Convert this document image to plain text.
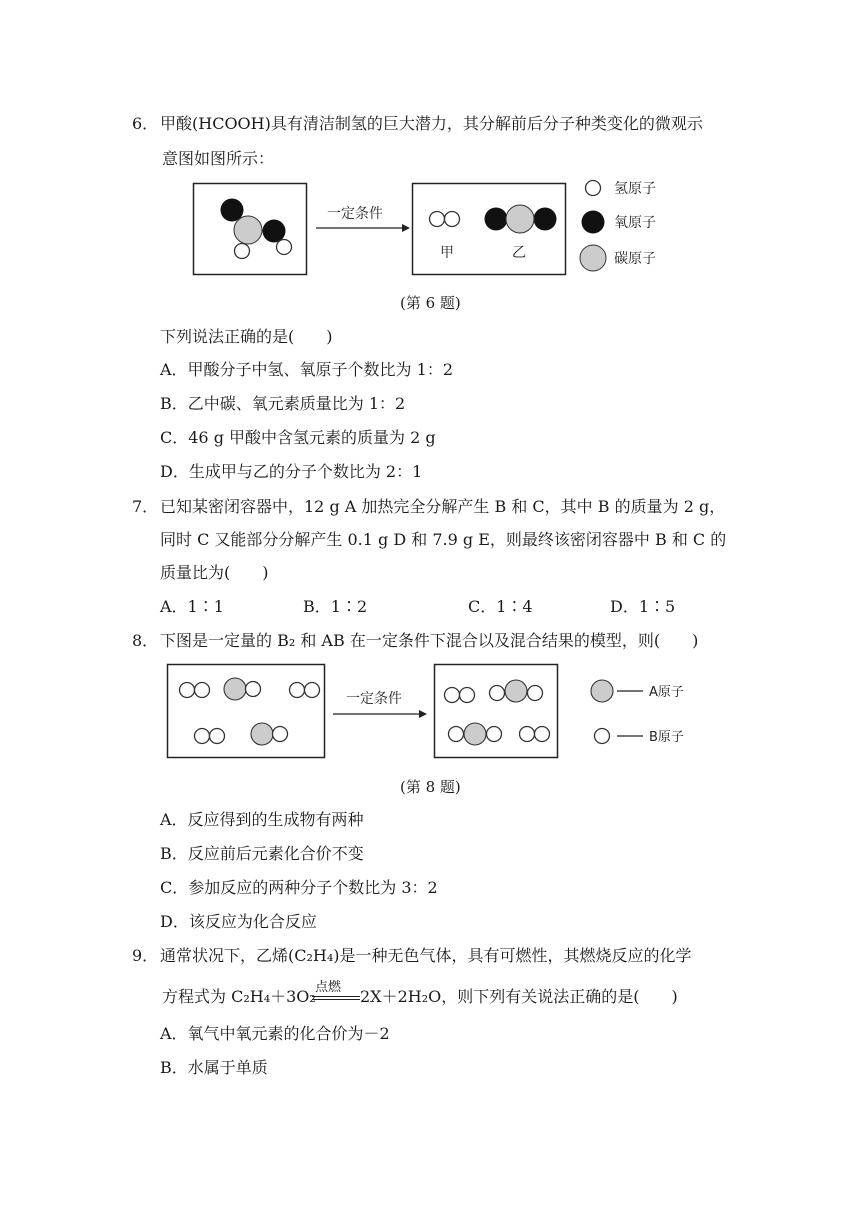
6． 甲酸(HCOOH)具有清洁制氢的巨大潜力，其分解前后分子种类变化的微观示
意图如图所示：
一定条件
甲	乙
氢原子
氧原子
碳原子
(第 6 题)
下列说法正确的是(　　)
A．甲酸分子中氢、氧原子个数比为 1：2
B．乙中碳、氧元素质量比为 1：2
C．46 g 甲酸中含氢元素的质量为 2 g
D．生成甲与乙的分子个数比为 2：1
7． 已知某密闭容器中，12 g A 加热完全分解产生 B 和 C，其中 B 的质量为 2 g，
同时 C 又能部分分解产生 0.1 g D 和 7.9 g E，则最终该密闭容器中 B 和 C 的
质量比为(　　)
A．1∶1	B．1∶2	C．1∶4	D．1∶5
8． 下图是一定量的 B₂ 和 AB 在一定条件下混合以及混合结果的模型，则(　　)
一定条件	A原子
B原子
(第 8 题)
A．反应得到的生成物有两种
B．反应前后元素化合价不变
C．参加反应的两种分子个数比为 3：2
D．该反应为化合反应
9． 通常状况下，乙烯(C₂H₄)是一种无色气体，具有可燃性，其燃烧反应的化学
点燃
方程式为 C₂H₄＋3O₂	2X＋2H₂O，则下列有关说法正确的是(　　)
A．氧气中氧元素的化合价为－2
B．水属于单质
